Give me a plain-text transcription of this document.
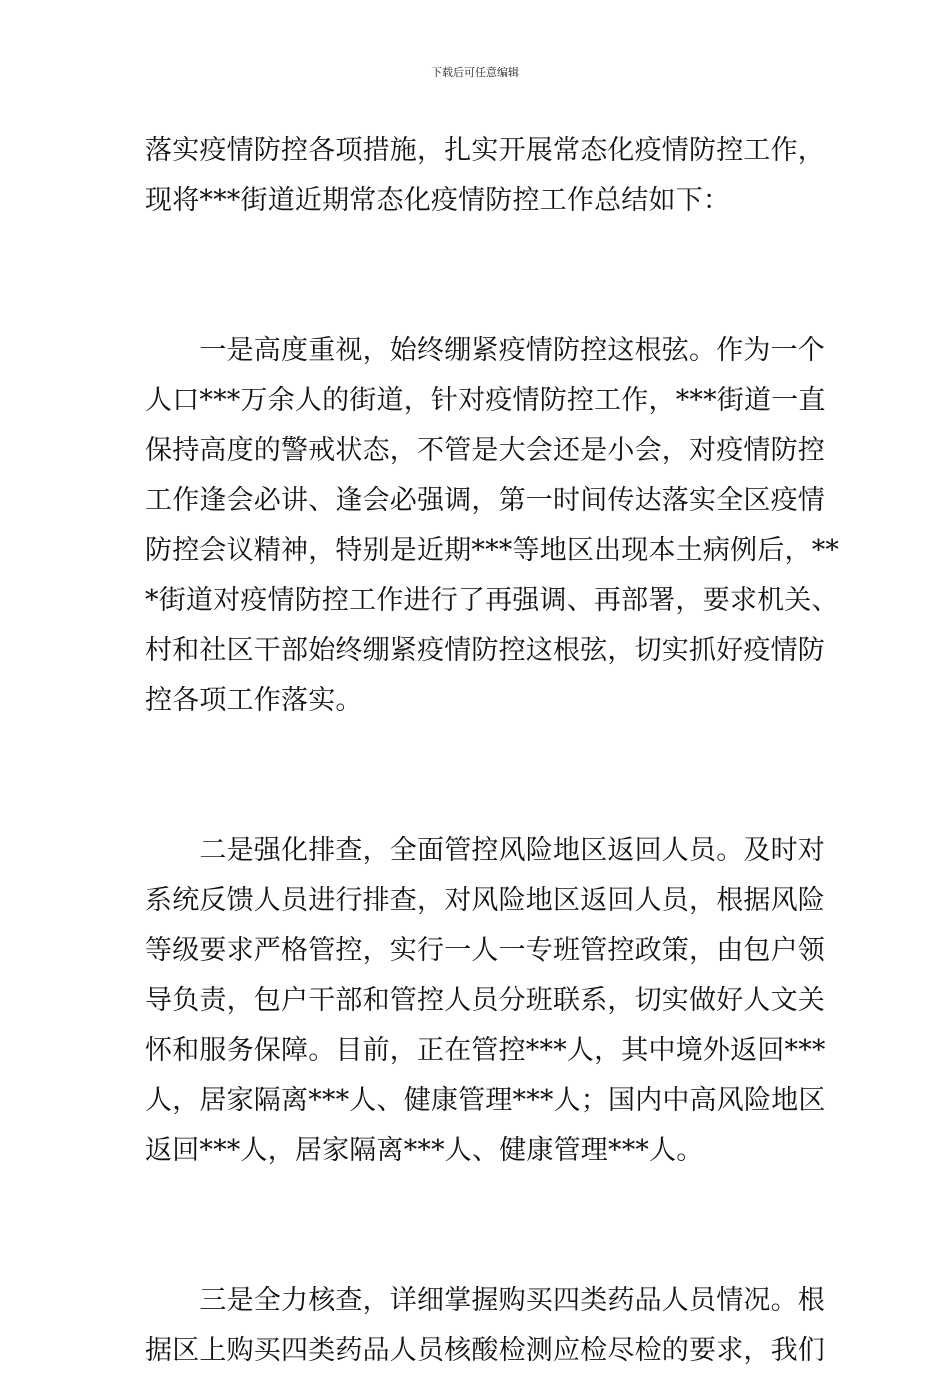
下载后可任意编辑
落实疫情防控各项措施，扎实开展常态化疫情防控工作，
现将***街道近期常态化疫情防控工作总结如下：
　　一是高度重视，始终绷紧疫情防控这根弦。作为一个
人口***万余人的街道，针对疫情防控工作，***街道一直
保持高度的警戒状态，不管是大会还是小会，对疫情防控
工作逢会必讲、逢会必强调，第一时间传达落实全区疫情
防控会议精神，特别是近期***等地区出现本土病例后，**
*街道对疫情防控工作进行了再强调、再部署，要求机关、
村和社区干部始终绷紧疫情防控这根弦，切实抓好疫情防
控各项工作落实。
　　二是强化排查，全面管控风险地区返回人员。及时对
系统反馈人员进行排查，对风险地区返回人员，根据风险
等级要求严格管控，实行一人一专班管控政策，由包户领
导负责，包户干部和管控人员分班联系，切实做好人文关
怀和服务保障。目前，正在管控***人，其中境外返回***
人，居家隔离***人、健康管理***人；国内中高风险地区
返回***人，居家隔离***人、健康管理***人。
　　三是全力核查，详细掌握购买四类药品人员情况。根
据区上购买四类药品人员核酸检测应检尽检的要求，我们
